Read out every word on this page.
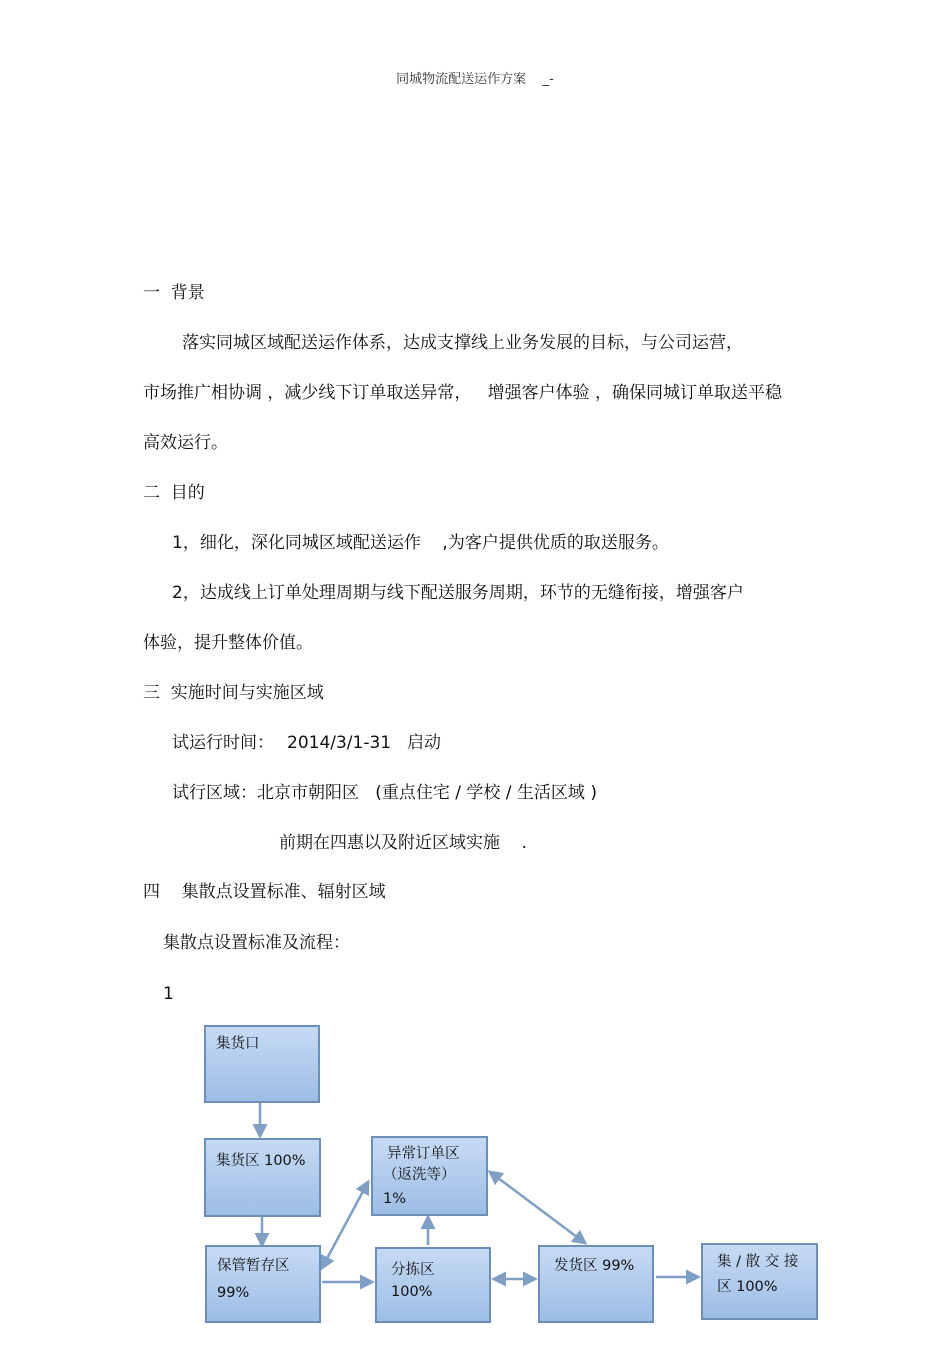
同城物流配送运作方案    _-
一  背景
落实同城区域配送运作体系，达成支撑线上业务发展的目标，与公司运营，
市场推广相协调 ，减少线下订单取送异常，   增强客户体验 ，确保同城订单取送平稳
高效运行。
二  目的
1，细化，深化同城区域配送运作    ,为客户提供优质的取送服务。
2，达成线上订单处理周期与线下配送服务周期，环节的无缝衔接，增强客户
体验，提升整体价值。
三  实施时间与实施区域
试运行时间： 2014/3/1-31 启动
试行区域：北京市朝阳区   (重点住宅 / 学校 / 生活区域 )
前期在四惠以及附近区域实施    .
四    集散点设置标准、辐射区域
集散点设置标准及流程：
1
集货口
集货区 100%
保管暂存区
99%
异常订单区
（返洗等）
1%
分拣区 100%
发货区 99%	集 / 散 交 接
区 100%
